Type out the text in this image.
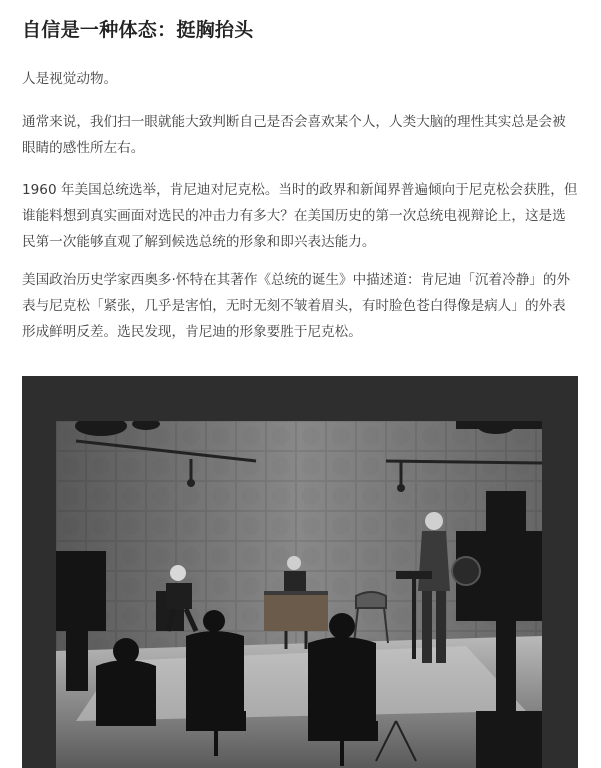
自信是一种体态：挺胸抬头

人是视觉动物。

通常来说，我们扫一眼就能大致判断自己是否会喜欢某个人，人类大脑的理性其实总是会被眼睛的感性所左右。

1960 年美国总统选举，肯尼迪对尼克松。当时的政界和新闻界普遍倾向于尼克松会获胜，但谁能料想到真实画面对选民的冲击力有多大？在美国历史的第一次总统电视辩论上，这是选民第一次能够直观了解到候选总统的形象和即兴表达能力。

美国政治历史学家西奥多·怀特在其著作《总统的诞生》中描述道：肯尼迪「沉着冷静」的外表与尼克松「紧张，几乎是害怕，无时无刻不皱着眉头，有时脸色苍白得像是病人」的外表形成鲜明反差。选民发现，肯尼迪的形象要胜于尼克松。
